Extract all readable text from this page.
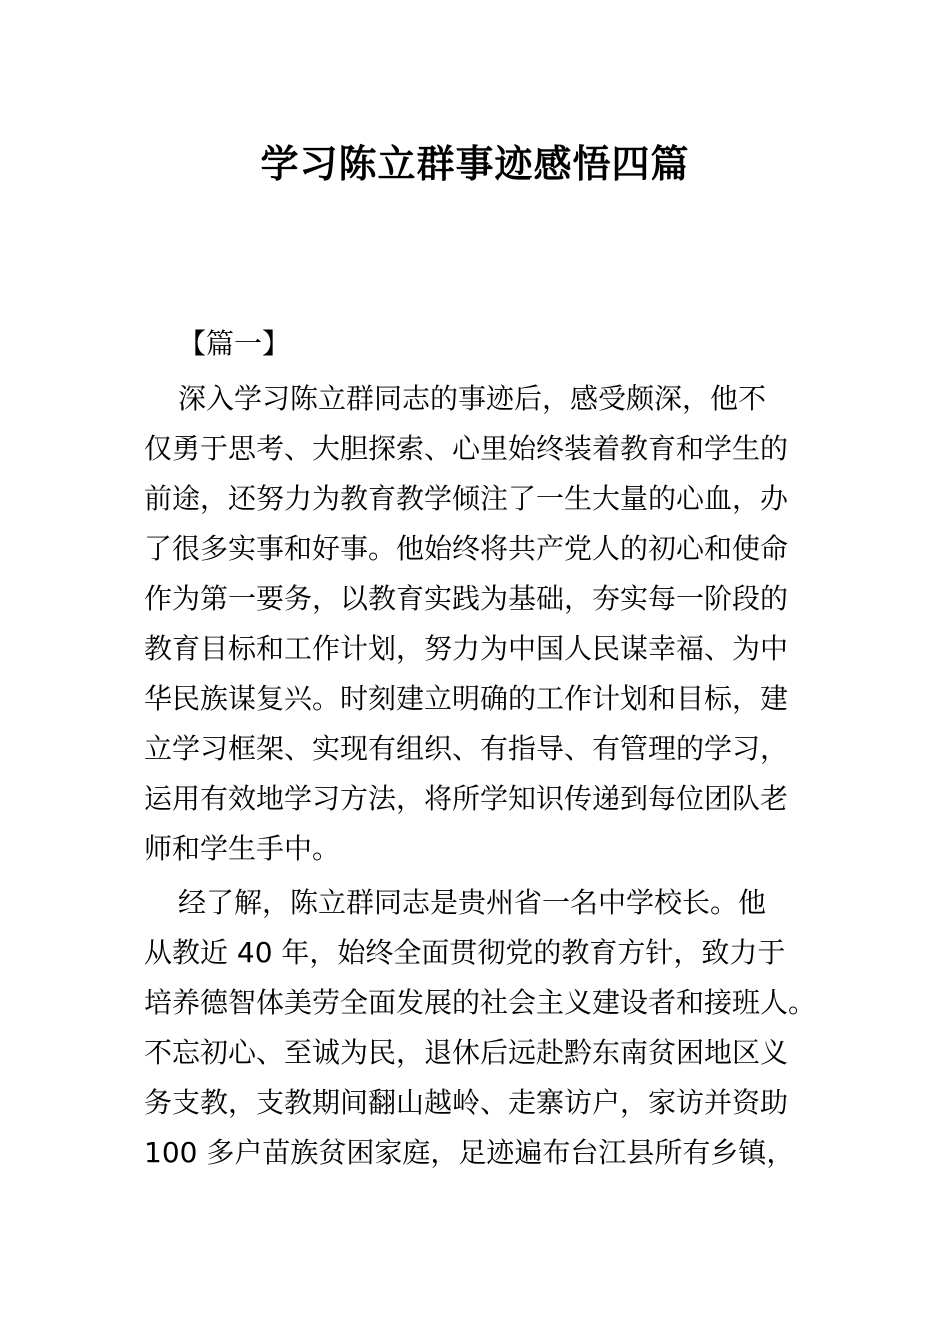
学习陈立群事迹感悟四篇
【篇一】
深入学习陈立群同志的事迹后，感受颇深，他不
仅勇于思考、大胆探索、心里始终装着教育和学生的
前途，还努力为教育教学倾注了一生大量的心血，办
了很多实事和好事。他始终将共产党人的初心和使命
作为第一要务，以教育实践为基础，夯实每一阶段的
教育目标和工作计划，努力为中国人民谋幸福、为中
华民族谋复兴。时刻建立明确的工作计划和目标，建
立学习框架、实现有组织、有指导、有管理的学习，
运用有效地学习方法，将所学知识传递到每位团队老
师和学生手中。
经了解，陈立群同志是贵州省一名中学校长。他
从教近 40 年，始终全面贯彻党的教育方针，致力于
培养德智体美劳全面发展的社会主义建设者和接班人。
不忘初心、至诚为民，退休后远赴黔东南贫困地区义
务支教，支教期间翻山越岭、走寨访户，家访并资助
100 多户苗族贫困家庭，足迹遍布台江县所有乡镇，
